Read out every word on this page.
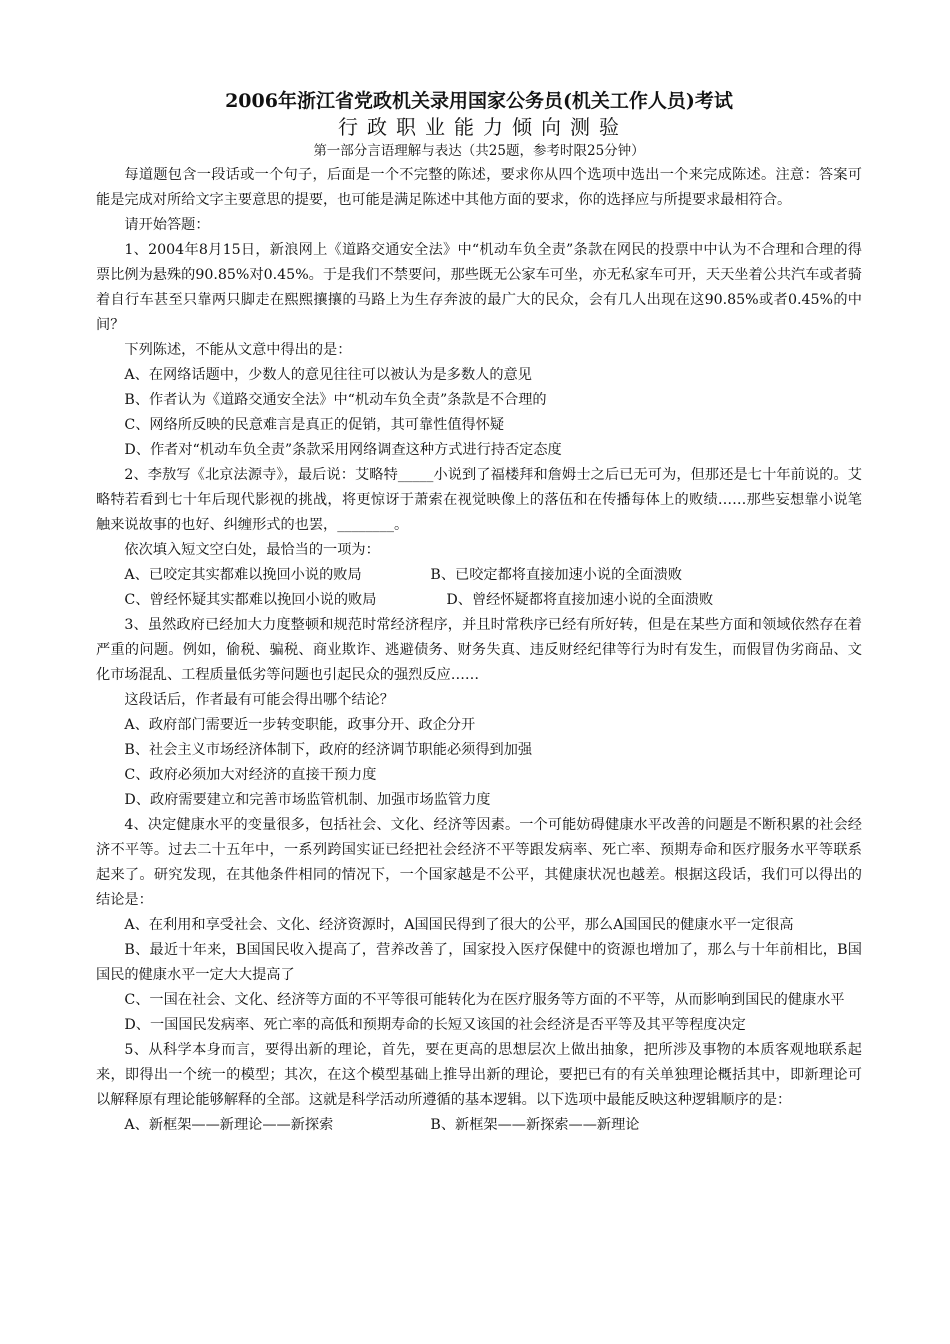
2006年浙江省党政机关录用国家公务员(机关工作人员)考试
行政职业能力倾向测验
第一部分言语理解与表达（共25题，参考时限25分钟）

每道题包含一段话或一个句子，后面是一个不完整的陈述，要求你从四个选项中选出一个来完成陈述。注意：答案可能是完成对所给文字主要意思的提要，也可能是满足陈述中其他方面的要求，你的选择应与所提要求最相符合。

请开始答题：

1、2004年8月15日，新浪网上《道路交通安全法》中“机动车负全责”条款在网民的投票中中认为不合理和合理的得票比例为悬殊的90.85%对0.45%。于是我们不禁要问，那些既无公家车可坐，亦无私家车可开，天天坐着公共汽车或者骑着自行车甚至只靠两只脚走在熙熙攘攘的马路上为生存奔波的最广大的民众，会有几人出现在这90.85%或者0.45%的中间？

下列陈述，不能从文意中得出的是：

A、在网络话题中，少数人的意见往往可以被认为是多数人的意见

B、作者认为《道路交通安全法》中“机动车负全责”条款是不合理的

C、网络所反映的民意难言是真正的促销，其可靠性值得怀疑

D、作者对“机动车负全责”条款采用网络调查这种方式进行持否定态度

2、李敖写《北京法源寺》，最后说：艾略特_____小说到了福楼拜和詹姆士之后已无可为，但那还是七十年前说的。艾略特若看到七十年后现代影视的挑战，将更惊讶于萧索在视觉映像上的落伍和在传播每体上的败绩……那些妄想靠小说笔触来说故事的也好、纠缠形式的也罢，________。

依次填入短文空白处，最恰当的一项为：

A、已咬定其实都难以挽回小说的败局	B、已咬定都将直接加速小说的全面溃败
C、曾经怀疑其实都难以挽回小说的败局	D、曾经怀疑都将直接加速小说的全面溃败

3、虽然政府已经加大力度整顿和规范时常经济程序，并且时常秩序已经有所好转，但是在某些方面和领域依然存在着严重的问题。例如，偷税、骗税、商业欺诈、逃避债务、财务失真、违反财经纪律等行为时有发生，而假冒伪劣商品、文化市场混乱、工程质量低劣等问题也引起民众的强烈反应……

这段话后，作者最有可能会得出哪个结论？

A、政府部门需要近一步转变职能，政事分开、政企分开

B、社会主义市场经济体制下，政府的经济调节职能必须得到加强

C、政府必须加大对经济的直接干预力度

D、政府需要建立和完善市场监管机制、加强市场监管力度

4、决定健康水平的变量很多，包括社会、文化、经济等因素。一个可能妨碍健康水平改善的问题是不断积累的社会经济不平等。过去二十五年中，一系列跨国实证已经把社会经济不平等跟发病率、死亡率、预期寿命和医疗服务水平等联系起来了。研究发现，在其他条件相同的情况下，一个国家越是不公平，其健康状况也越差。根据这段话，我们可以得出的结论是：

A、在利用和享受社会、文化、经济资源时，A国国民得到了很大的公平，那么A国国民的健康水平一定很高

B、最近十年来，B国国民收入提高了，营养改善了，国家投入医疗保健中的资源也增加了，那么与十年前相比，B国国民的健康水平一定大大提高了

C、一国在社会、文化、经济等方面的不平等很可能转化为在医疗服务等方面的不平等，从而影响到国民的健康水平

D、一国国民发病率、死亡率的高低和预期寿命的长短又该国的社会经济是否平等及其平等程度决定

5、从科学本身而言，要得出新的理论，首先，要在更高的思想层次上做出抽象，把所涉及事物的本质客观地联系起来，即得出一个统一的模型；其次，在这个模型基础上推导出新的理论，要把已有的有关单独理论概括其中，即新理论可以解释原有理论能够解释的全部。这就是科学活动所遵循的基本逻辑。以下选项中最能反映这种逻辑顺序的是：

A、新框架——新理论——新探索	B、新框架——新探索——新理论
